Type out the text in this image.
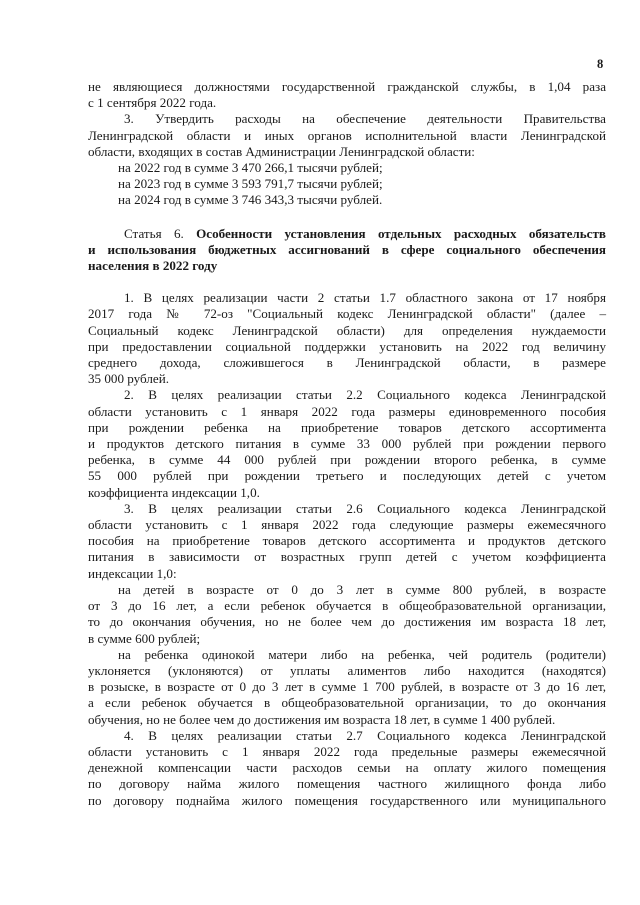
8

не являющиеся должностями государственной гражданской службы, в 1,04 раза

с 1 сентября 2022 года.

3. Утвердить расходы на обеспечение деятельности Правительства

Ленинградской области и иных органов исполнительной власти Ленинградской

области, входящих в состав Администрации Ленинградской области:

на 2022 год в сумме 3 470 266,1 тысячи рублей;

на 2023 год в сумме 3 593 791,7 тысячи рублей;

на 2024 год в сумме 3 746 343,3 тысячи рублей.

Статья 6. Особенности установления отдельных расходных обязательств

и использования бюджетных ассигнований в сфере социального обеспечения

населения в 2022 году

1. В целях реализации части 2 статьи 1.7 областного закона от 17 ноября

2017 года № 72-оз "Социальный кодекс Ленинградской области" (далее –

Социальный кодекс Ленинградской области) для определения нуждаемости

при предоставлении социальной поддержки установить на 2022 год величину

среднего дохода, сложившегося в Ленинградской области, в размере

35 000 рублей.

2. В целях реализации статьи 2.2 Социального кодекса Ленинградской

области установить с 1 января 2022 года размеры единовременного пособия

при рождении ребенка на приобретение товаров детского ассортимента

и продуктов детского питания в сумме 33 000 рублей при рождении первого

ребенка, в сумме 44 000 рублей при рождении второго ребенка, в сумме

55 000 рублей при рождении третьего и последующих детей с учетом

коэффициента индексации 1,0.

3. В целях реализации статьи 2.6 Социального кодекса Ленинградской

области установить с 1 января 2022 года следующие размеры ежемесячного

пособия на приобретение товаров детского ассортимента и продуктов детского

питания в зависимости от возрастных групп детей с учетом коэффициента

индексации 1,0:

на детей в возрасте от 0 до 3 лет в сумме 800 рублей, в возрасте

от 3 до 16 лет, а если ребенок обучается в общеобразовательной организации,

то до окончания обучения, но не более чем до достижения им возраста 18 лет,

в сумме 600 рублей;

на ребенка одинокой матери либо на ребенка, чей родитель (родители)

уклоняется (уклоняются) от уплаты алиментов либо находится (находятся)

в розыске, в возрасте от 0 до 3 лет в сумме 1 700 рублей, в возрасте от 3 до 16 лет,

а если ребенок обучается в общеобразовательной организации, то до окончания

обучения, но не более чем до достижения им возраста 18 лет, в сумме 1 400 рублей.

4. В целях реализации статьи 2.7 Социального кодекса Ленинградской

области установить с 1 января 2022 года предельные размеры ежемесячной

денежной компенсации части расходов семьи на оплату жилого помещения

по договору найма жилого помещения частного жилищного фонда либо

по договору поднайма жилого помещения государственного или муниципального
